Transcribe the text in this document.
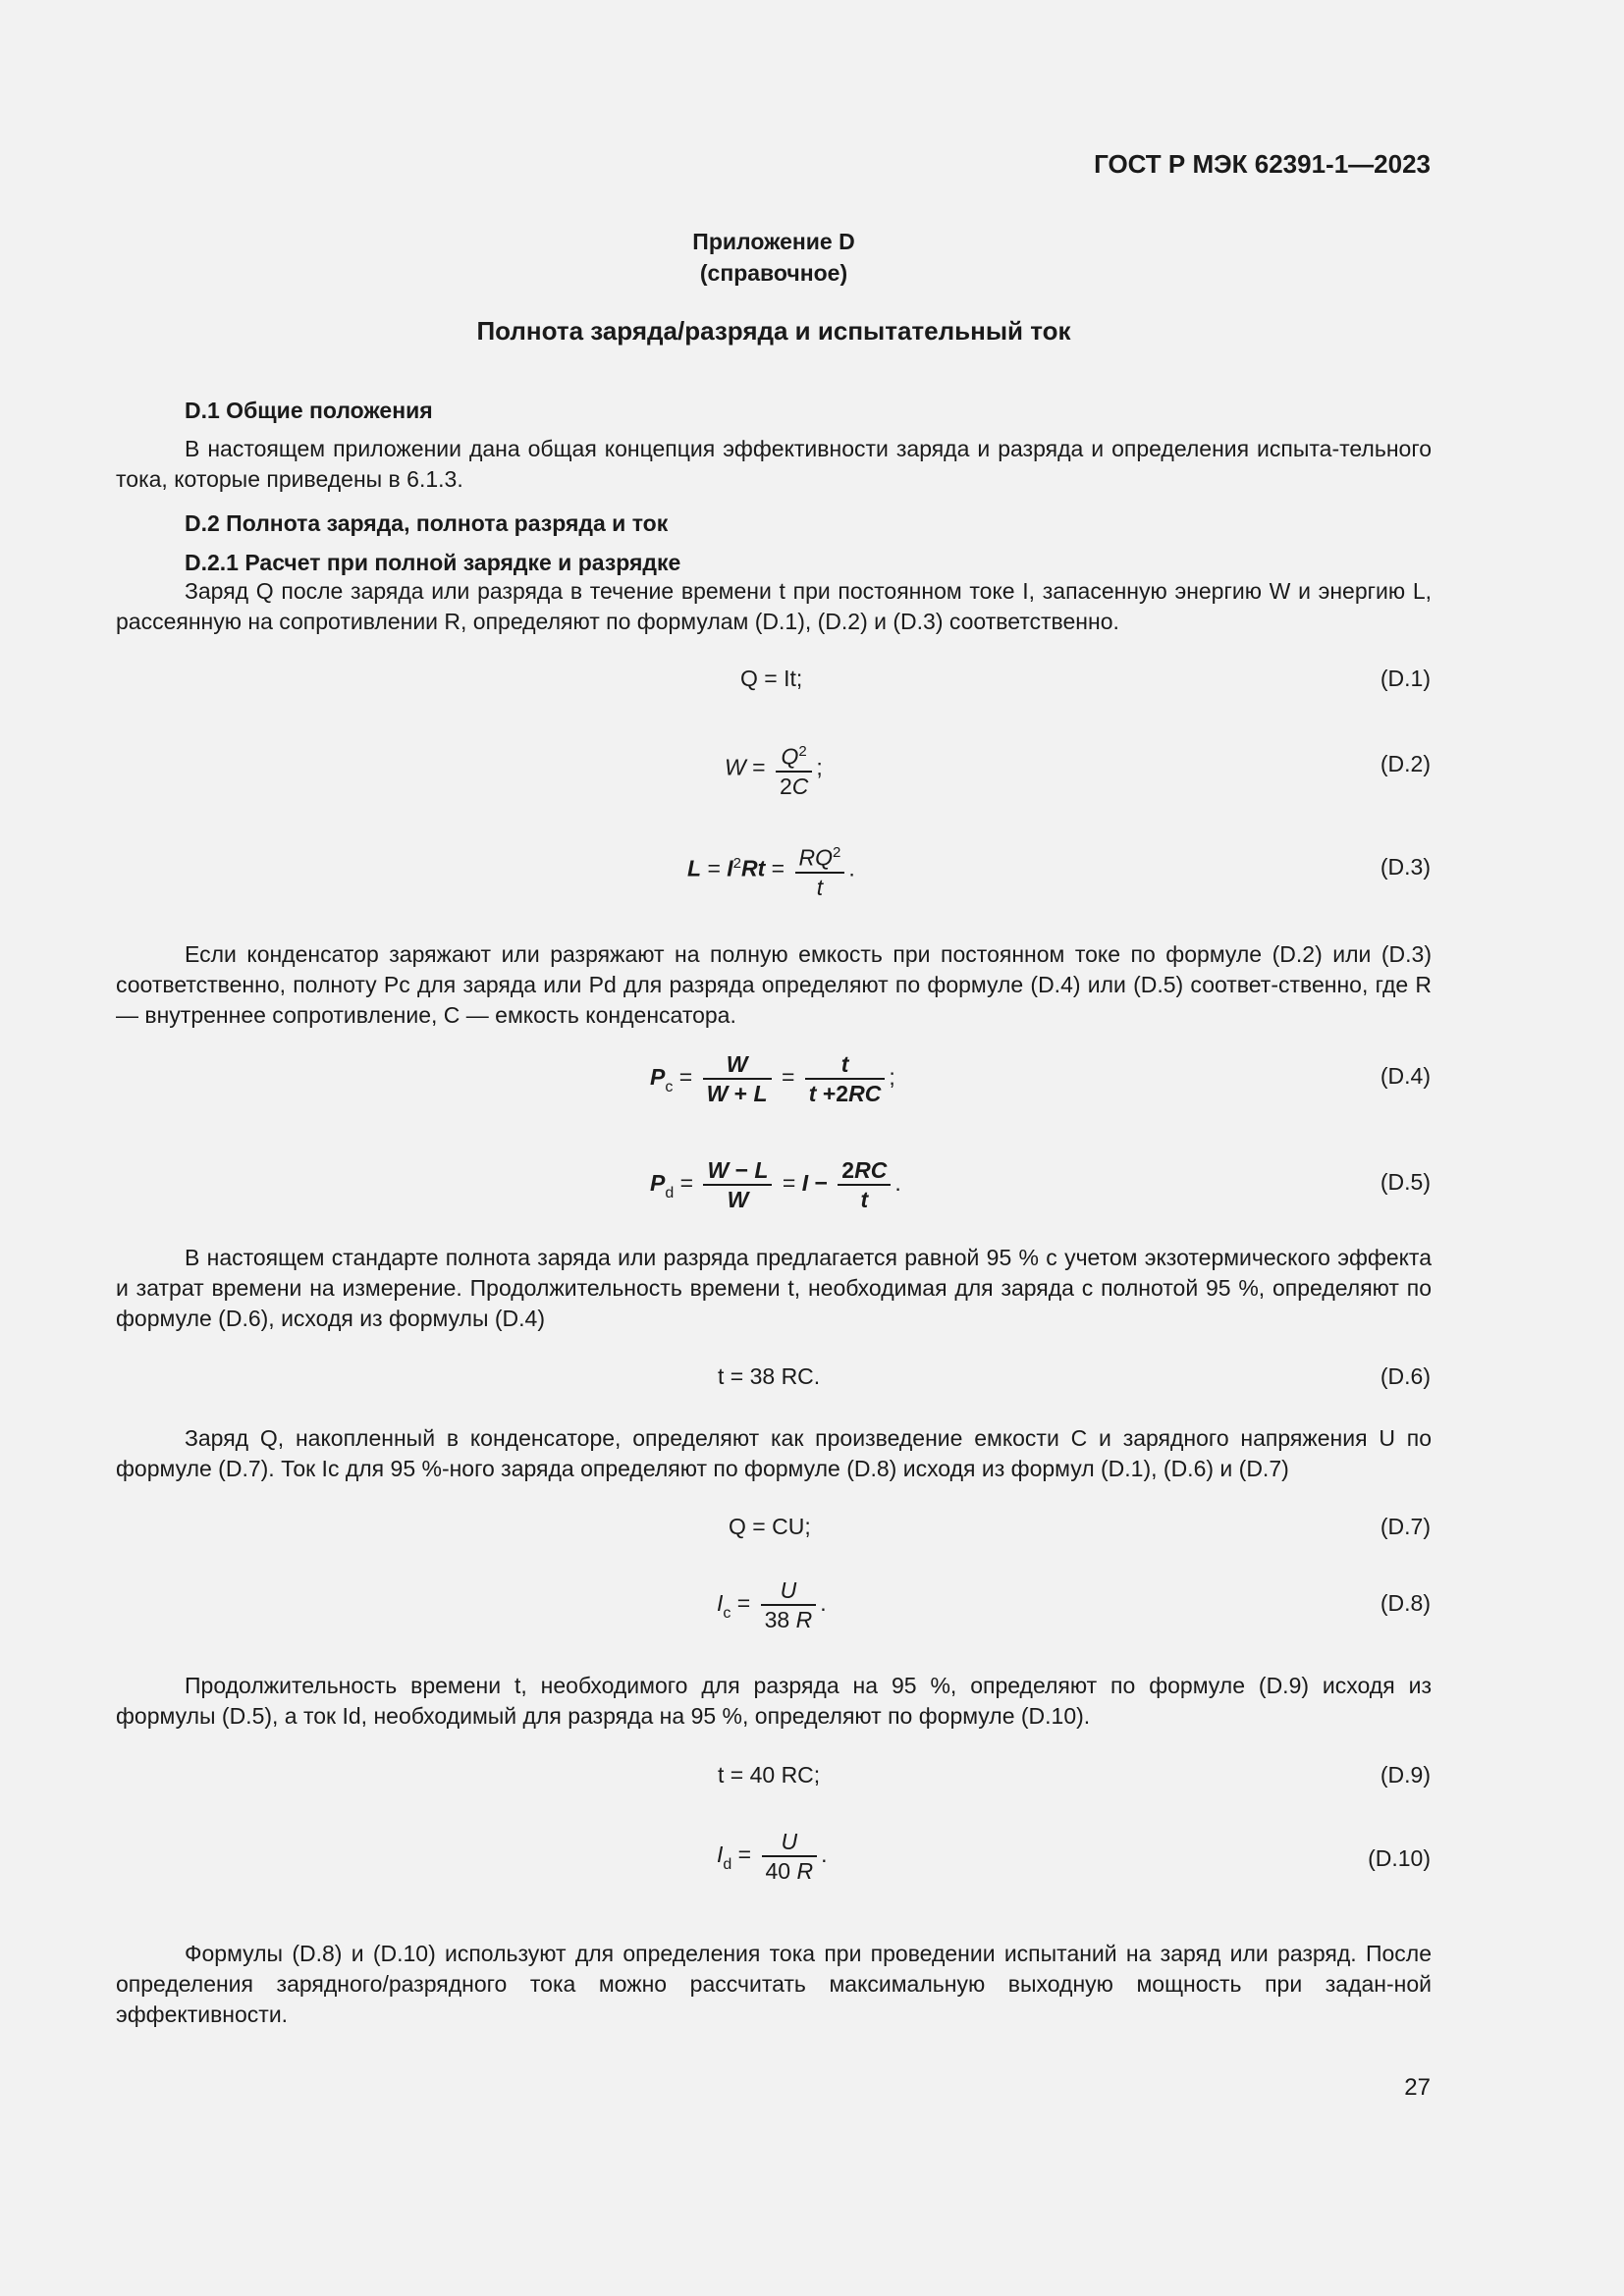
ГОСТ Р МЭК 62391-1—2023
Приложение D
(справочное)
Полнота заряда/разряда и испытательный ток
D.1 Общие положения
В настоящем приложении дана общая концепция эффективности заряда и разряда и определения испыта-тельного тока, которые приведены в 6.1.3.
D.2 Полнота заряда, полнота разряда и ток
D.2.1 Расчет при полной зарядке и разрядке
Заряд Q после заряда или разряда в течение времени t при постоянном токе I, запасенную энергию W и энергию L, рассеянную на сопротивлении R, определяют по формулам (D.1), (D.2) и (D.3) соответственно.
Q = It;	(D.1)
$W = \frac{Q^2}{2C}$ ;	(D.2)
$L = I^2Rt = \frac{RQ^2}{t}$ .	(D.3)
Если конденсатор заряжают или разряжают на полную емкость при постоянном токе по формуле (D.2) или (D.3) соответственно, полноту Pc для заряда или Pd для разряда определяют по формуле (D.4) или (D.5) соответ-ственно, где R — внутреннее сопротивление, C — емкость конденсатора.
$P_c = \frac{W}{W + L} = \frac{t}{t +2RC}$ ;	(D.4)
$P_d = \frac{W - L}{W} = I - \frac{2RC}{t}$ .	(D.5)
В настоящем стандарте полнота заряда или разряда предлагается равной 95 % с учетом экзотермического эффекта и затрат времени на измерение. Продолжительность времени t, необходимая для заряда с полнотой 95 %, определяют по формуле (D.6), исходя из формулы (D.4)
t = 38 RC.	(D.6)
Заряд Q, накопленный в конденсаторе, определяют как произведение емкости C и зарядного напряжения U по формуле (D.7). Ток Ic для 95 %-ного заряда определяют по формуле (D.8) исходя из формул (D.1), (D.6) и (D.7)
Q = CU;	(D.7)
$I_c = \frac{U}{38 R}$ .	(D.8)
Продолжительность времени t, необходимого для разряда на 95 %, определяют по формуле (D.9) исходя из формулы (D.5), а ток Id, необходимый для разряда на 95 %, определяют по формуле (D.10).
t = 40 RC;	(D.9)
$I_d = \frac{U}{40 R}$ .	(D.10)
Формулы (D.8) и (D.10) используют для определения тока при проведении испытаний на заряд или разряд. После определения зарядного/разрядного тока можно рассчитать максимальную выходную мощность при задан-ной эффективности.
27
